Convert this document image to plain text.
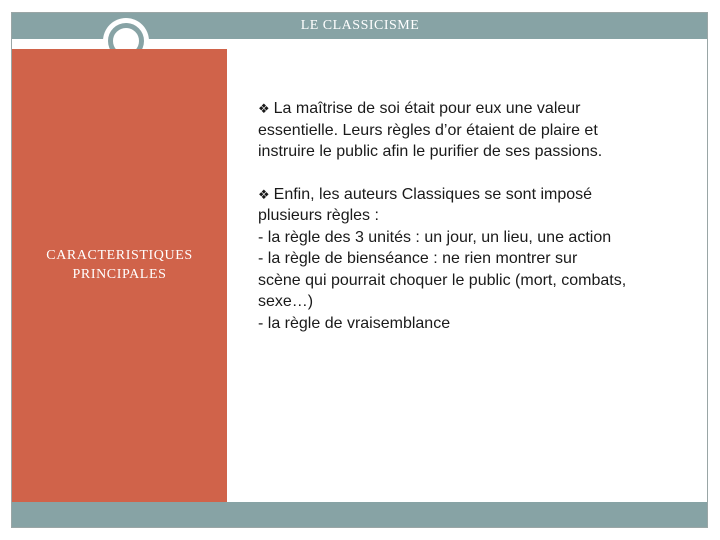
LE CLASSICISME
CARACTERISTIQUES
PRINCIPALES
❖ La maîtrise de soi était pour eux une valeur
essentielle. Leurs règles d’or étaient de plaire et
instruire le public afin le purifier de ses passions.
❖ Enfin, les auteurs Classiques se sont imposé
plusieurs règles :
- la règle des 3 unités : un jour, un lieu, une action
- la règle de bienséance : ne rien montrer sur
scène qui pourrait choquer le public (mort, combats,
sexe…)
- la règle de vraisemblance
